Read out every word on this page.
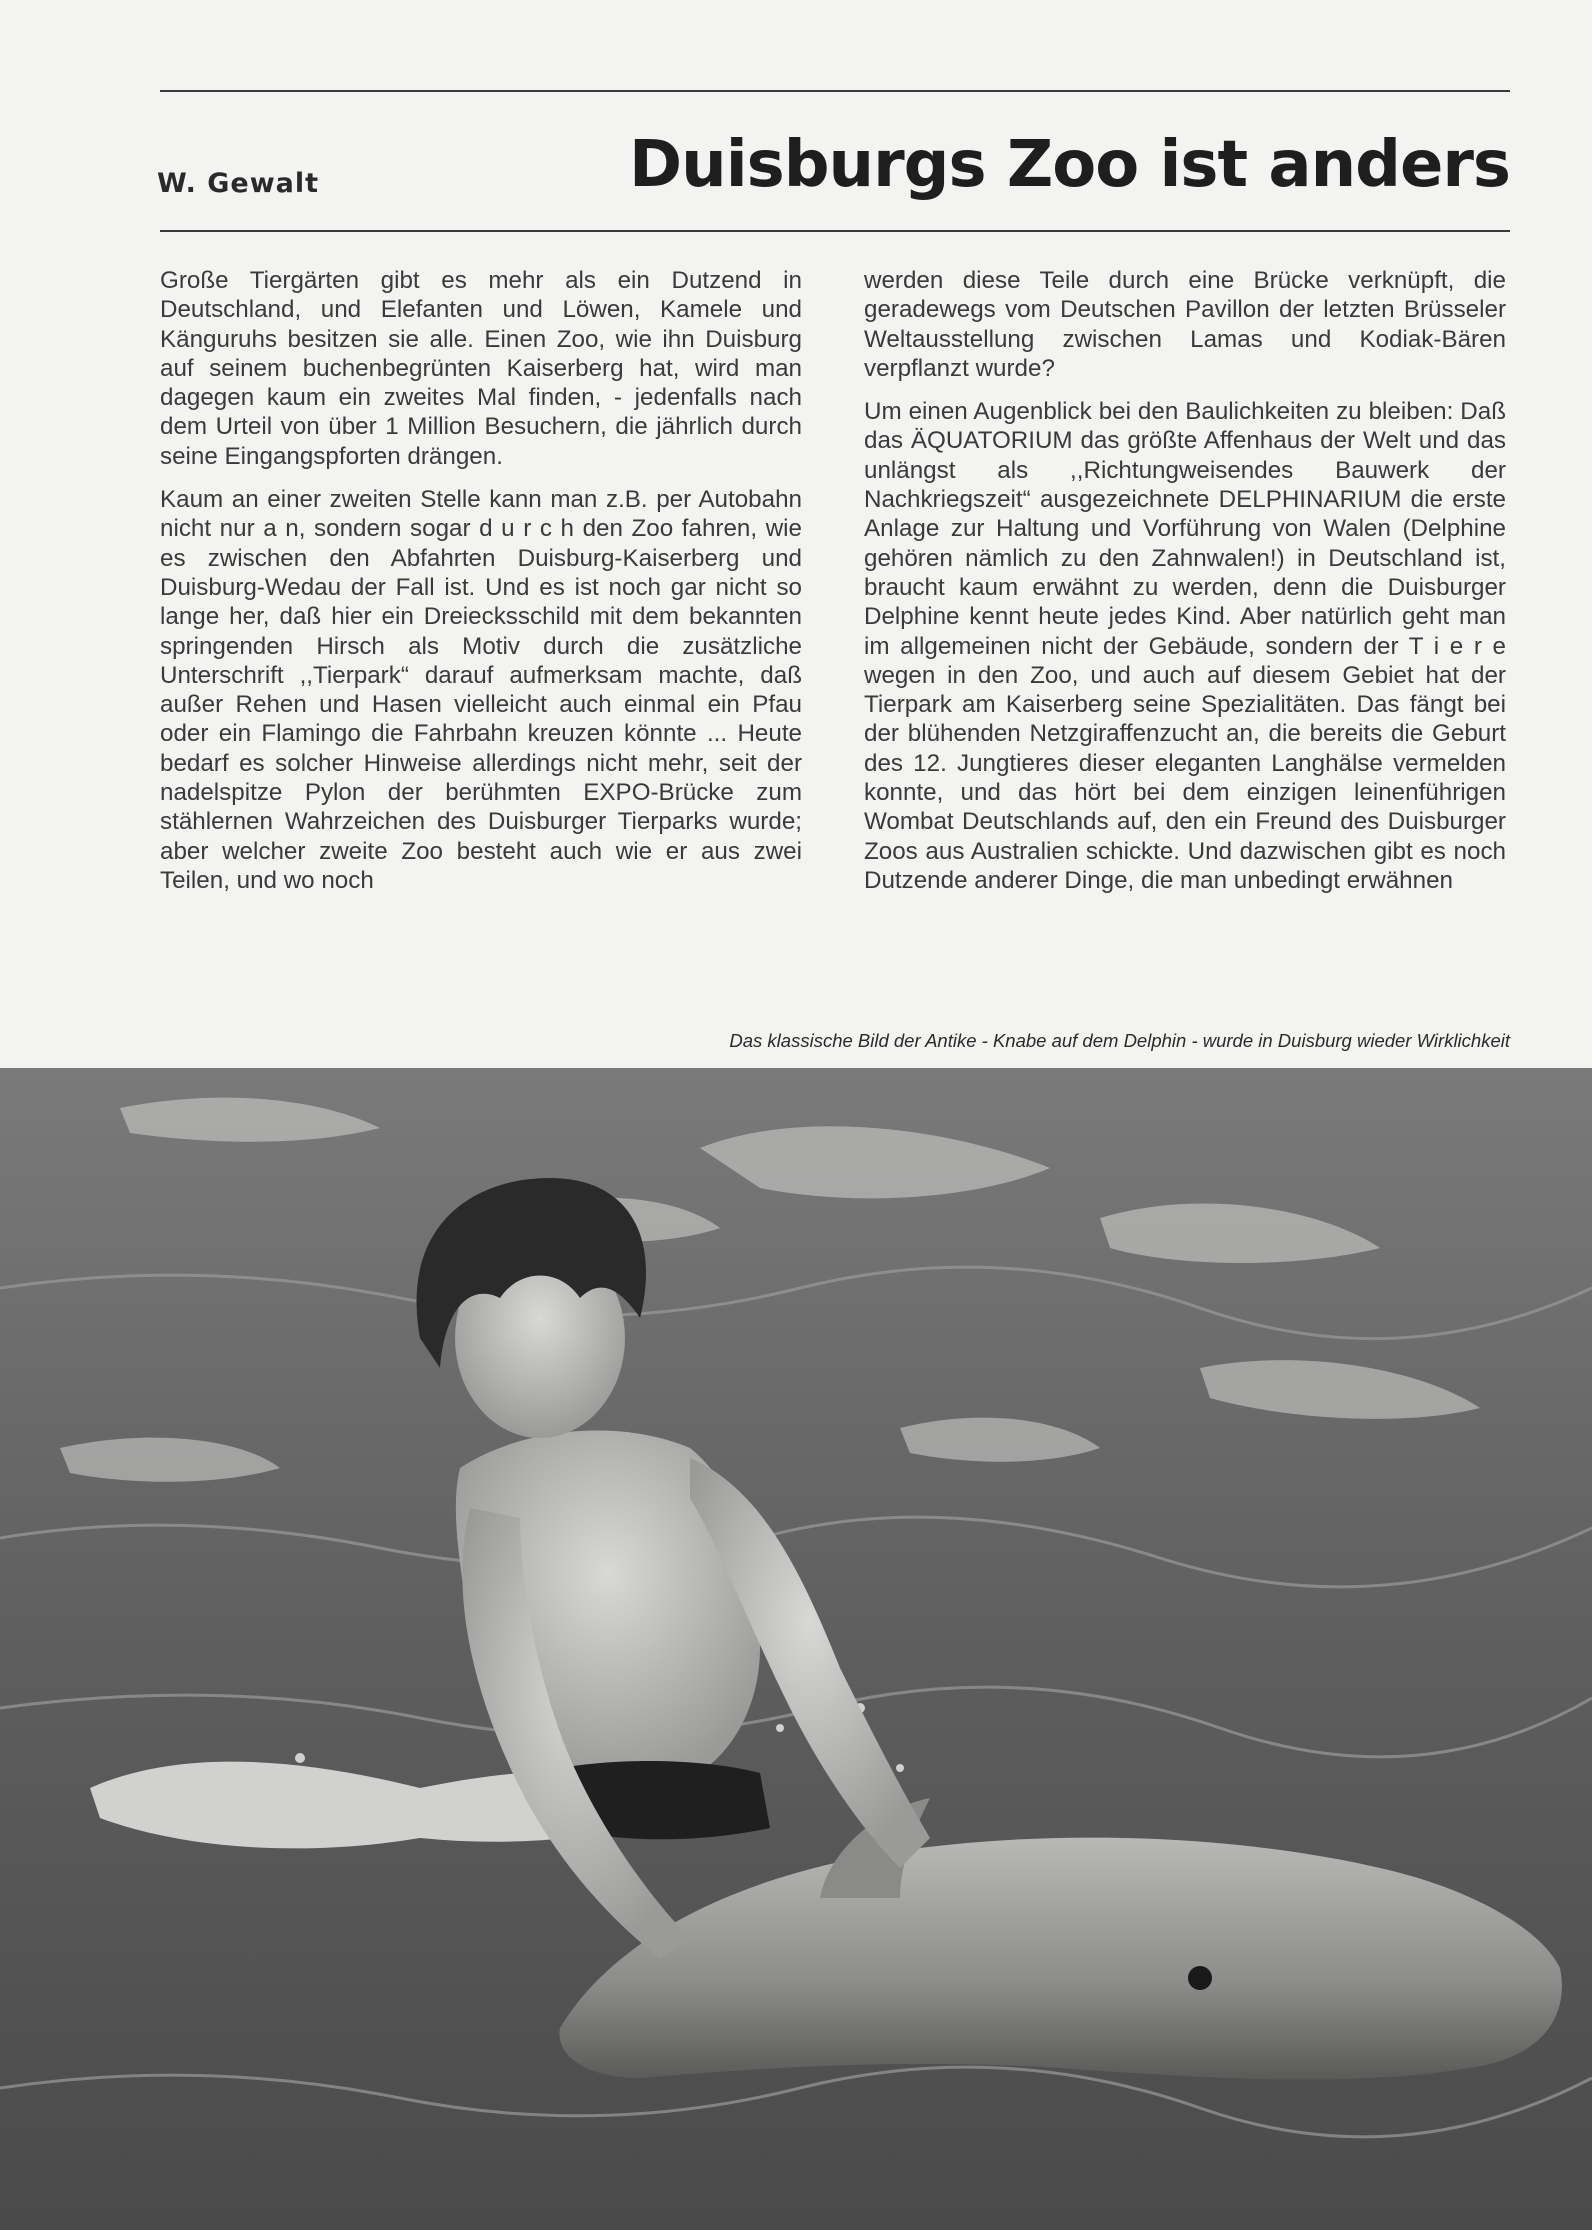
W. Gewalt	Duisburgs Zoo ist anders

Große Tiergärten gibt es mehr als ein Dutzend in Deutschland, und Elefanten und Löwen, Kamele und Känguruhs besitzen sie alle. Einen Zoo, wie ihn Duisburg auf seinem buchenbegrünten Kaiserberg hat, wird man dagegen kaum ein zweites Mal finden, - jedenfalls nach dem Urteil von über 1 Million Besuchern, die jährlich durch seine Eingangspforten drängen.

Kaum an einer zweiten Stelle kann man z.B. per Autobahn nicht nur a n, sondern sogar d u r c h den Zoo fahren, wie es zwischen den Abfahrten Duisburg-Kaiserberg und Duisburg-Wedau der Fall ist. Und es ist noch gar nicht so lange her, daß hier ein Dreiecksschild mit dem bekannten springenden Hirsch als Motiv durch die zusätzliche Unterschrift ,,Tierpark“ darauf aufmerksam machte, daß außer Rehen und Hasen vielleicht auch einmal ein Pfau oder ein Flamingo die Fahrbahn kreuzen könnte ... Heute bedarf es solcher Hinweise allerdings nicht mehr, seit der nadelspitze Pylon der berühmten EXPO-Brücke zum stählernen Wahrzeichen des Duisburger Tierparks wurde; aber welcher zweite Zoo besteht auch wie er aus zwei Teilen, und wo noch

werden diese Teile durch eine Brücke verknüpft, die geradewegs vom Deutschen Pavillon der letzten Brüsseler Weltausstellung zwischen Lamas und Kodiak-Bären verpflanzt wurde?

Um einen Augenblick bei den Baulichkeiten zu bleiben: Daß das ÄQUATORIUM das größte Affenhaus der Welt und das unlängst als ,,Richtungweisendes Bauwerk der Nachkriegszeit“ ausgezeichnete DELPHINARIUM die erste Anlage zur Haltung und Vorführung von Walen (Delphine gehören nämlich zu den Zahnwalen!) in Deutschland ist, braucht kaum erwähnt zu werden, denn die Duisburger Delphine kennt heute jedes Kind. Aber natürlich geht man im allgemeinen nicht der Gebäude, sondern der T i e r e wegen in den Zoo, und auch auf diesem Gebiet hat der Tierpark am Kaiserberg seine Spezialitäten. Das fängt bei der blühenden Netzgiraffenzucht an, die bereits die Geburt des 12. Jungtieres dieser eleganten Langhälse vermelden konnte, und das hört bei dem einzigen leinenführigen Wombat Deutschlands auf, den ein Freund des Duisburger Zoos aus Australien schickte. Und dazwischen gibt es noch Dutzende anderer Dinge, die man unbedingt erwähnen

Das klassische Bild der Antike - Knabe auf dem Delphin - wurde in Duisburg wieder Wirklichkeit
